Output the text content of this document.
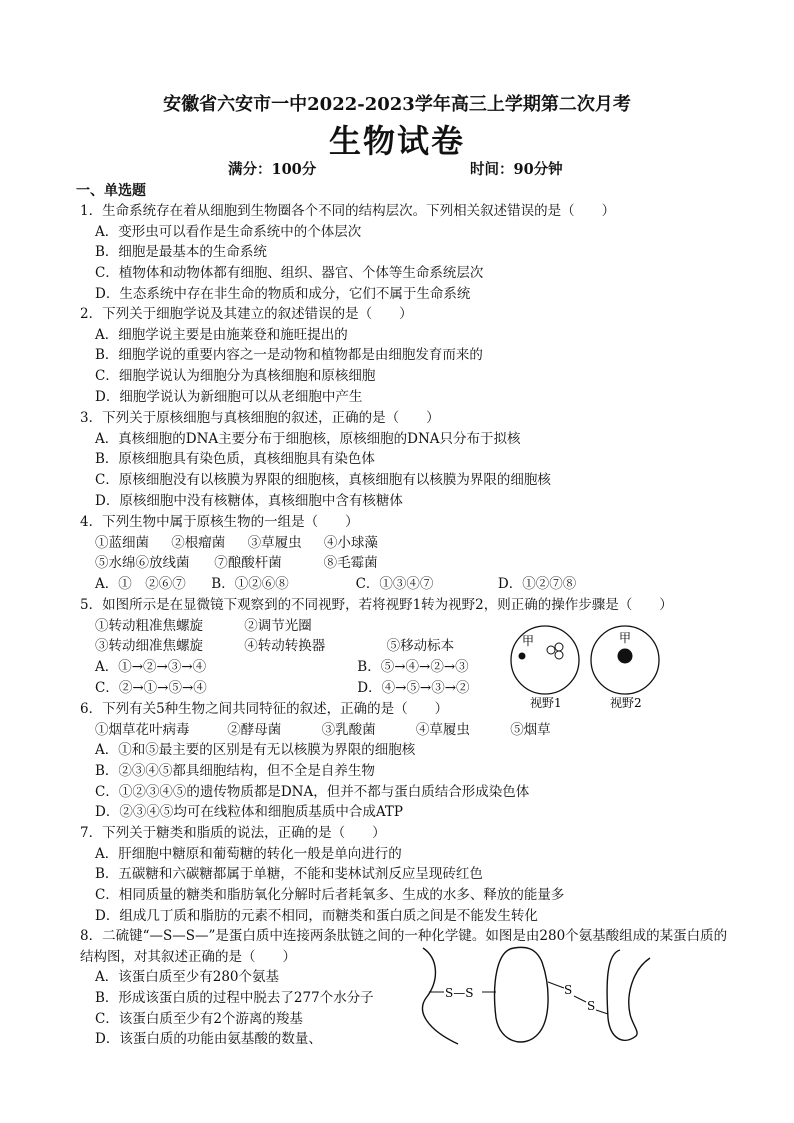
安徽省六安市一中2022-2023学年高三上学期第二次月考
生物试卷
满分：100分	时间：90分钟
一、单选题
1．生命系统存在着从细胞到生物圈各个不同的结构层次。下列相关叙述错误的是（　　）
A．变形虫可以看作是生命系统中的个体层次
B．细胞是最基本的生命系统
C．植物体和动物体都有细胞、组织、器官、个体等生命系统层次
D．生态系统中存在非生命的物质和成分，它们不属于生命系统
2．下列关于细胞学说及其建立的叙述错误的是（　　）
A．细胞学说主要是由施莱登和施旺提出的
B．细胞学说的重要内容之一是动物和植物都是由细胞发育而来的
C．细胞学说认为细胞分为真核细胞和原核细胞
D．细胞学说认为新细胞可以从老细胞中产生
3．下列关于原核细胞与真核细胞的叙述，正确的是（　　）
A．真核细胞的DNA主要分布于细胞核，原核细胞的DNA只分布于拟核
B．原核细胞具有染色质，真核细胞具有染色体
C．原核细胞没有以核膜为界限的细胞核，真核细胞有以核膜为界限的细胞核
D．原核细胞中没有核糖体，真核细胞中含有核糖体
4．下列生物中属于原核生物的一组是（　　）
①蓝细菌 ②根瘤菌 ③草履虫 ④小球藻
⑤水绵⑥放线菌 ⑦酿酸杆菌	⑧毛霉菌
A．①　②⑥⑦ B．①②⑥⑧	C．①③④⑦	D．①②⑦⑧
5．如图所示是在显微镜下观察到的不同视野，若将视野1转为视野2，则正确的操作步骤是（　　）
①转动粗准焦螺旋	②调节光圈
③转动细准焦螺旋	④转动转换器	⑤移动标本
A．①→②→③→④	B．⑤→④→②→③
C．②→①→⑤→④	D．④→⑤→③→②
甲	甲
视野1	视野2
6．下列有关5种生物之间共同特征的叙述，正确的是（　　）
①烟草花叶病毒	②酵母菌	③乳酸菌	④草履虫	⑤烟草
A．①和⑤最主要的区别是有无以核膜为界限的细胞核
B．②③④⑤都具细胞结构，但不全是自养生物
C．①②③④⑤的遗传物质都是DNA，但并不都与蛋白质结合形成染色体
D．②③④⑤均可在线粒体和细胞质基质中合成ATP
7．下列关于糖类和脂质的说法，正确的是（　　）
A．肝细胞中糖原和葡萄糖的转化一般是单向进行的
B．五碳糖和六碳糖都属于单糖，不能和斐林试剂反应呈现砖红色
C．相同质量的糖类和脂肪氧化分解时后者耗氧多、生成的水多、释放的能量多
D．组成几丁质和脂肪的元素不相同，而糖类和蛋白质之间是不能发生转化
8．二硫键“—S—S—”是蛋白质中连接两条肽链之间的一种化学键。如图是由280个氨基酸组成的某蛋白质的结构图，对其叙述正确的是（　　）
A．该蛋白质至少有280个氨基
B．形成该蛋白质的过程中脱去了277个水分子
C．该蛋白质至少有2个游离的羧基
D．该蛋白质的功能由氨基酸的数量、
S—S	S
S
